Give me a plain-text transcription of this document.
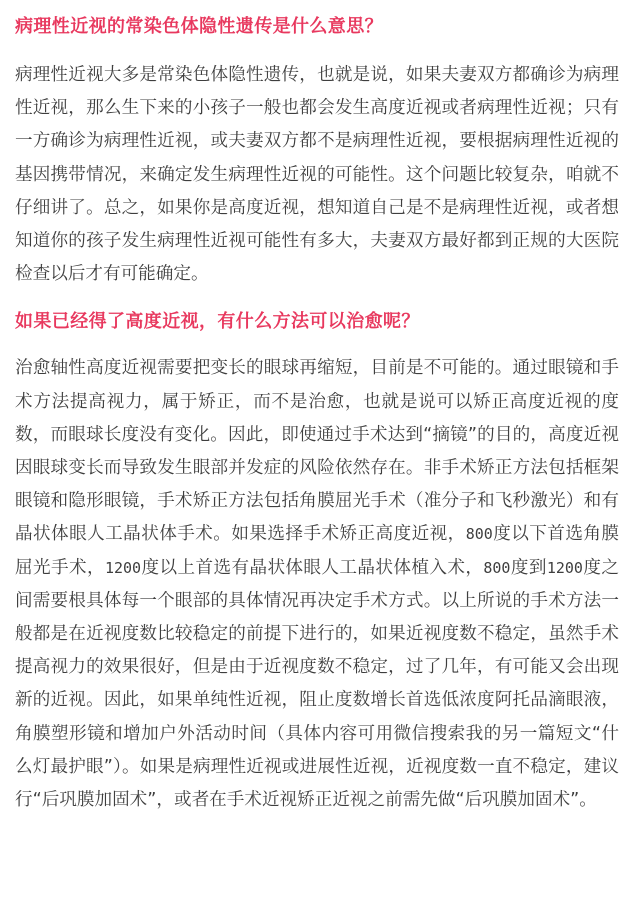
病理性近视的常染色体隐性遗传是什么意思？

病理性近视大多是常染色体隐性遗传，也就是说，如果夫妻双方都确诊为病理性近视，那么生下来的小孩子一般也都会发生高度近视或者病理性近视；只有一方确诊为病理性近视，或夫妻双方都不是病理性近视，要根据病理性近视的基因携带情况，来确定发生病理性近视的可能性。这个问题比较复杂，咱就不仔细讲了。总之，如果你是高度近视，想知道自己是不是病理性近视，或者想知道你的孩子发生病理性近视可能性有多大，夫妻双方最好都到正规的大医院检查以后才有可能确定。

如果已经得了高度近视，有什么方法可以治愈呢？

治愈轴性高度近视需要把变长的眼球再缩短，目前是不可能的。通过眼镜和手术方法提高视力，属于矫正，而不是治愈，也就是说可以矫正高度近视的度数，而眼球长度没有变化。因此，即使通过手术达到“摘镜”的目的，高度近视因眼球变长而导致发生眼部并发症的风险依然存在。非手术矫正方法包括框架眼镜和隐形眼镜，手术矫正方法包括角膜屈光手术（准分子和飞秒激光）和有晶状体眼人工晶状体手术。如果选择手术矫正高度近视，800度以下首选角膜屈光手术，1200度以上首选有晶状体眼人工晶状体植入术，800度到1200度之间需要根具体每一个眼部的具体情况再决定手术方式。以上所说的手术方法一般都是在近视度数比较稳定的前提下进行的，如果近视度数不稳定，虽然手术提高视力的效果很好，但是由于近视度数不稳定，过了几年，有可能又会出现新的近视。因此，如果单纯性近视，阻止度数增长首选低浓度阿托品滴眼液，角膜塑形镜和增加户外活动时间（具体内容可用微信搜索我的另一篇短文“什么灯最护眼”）。如果是病理性近视或进展性近视，近视度数一直不稳定，建议行“后巩膜加固术”，或者在手术近视矫正近视之前需先做“后巩膜加固术”。
